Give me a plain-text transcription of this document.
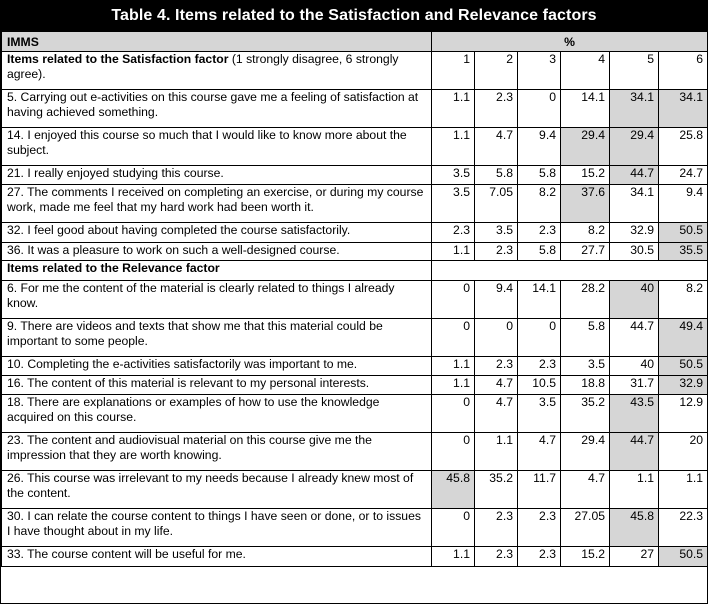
Table 4. Items related to the Satisfaction and Relevance factors
IMMS	%					
Items related to the Satisfaction factor (1 strongly disagree, 6 strongly agree).	1	2	3	4	5	6
5. Carrying out e-activities on this course gave me a feeling of satisfaction at having achieved something.	1.1	2.3	0	14.1	34.1	34.1
14. I enjoyed this course so much that I would like to know more about the subject.	1.1	4.7	9.4	29.4	29.4	25.8
21. I really enjoyed studying this course.	3.5	5.8	5.8	15.2	44.7	24.7
27. The comments I received on completing an exercise, or during my course work, made me feel that my hard work had been worth it.	3.5	7.05	8.2	37.6	34.1	9.4
32. I feel good about having completed the course satisfactorily.	2.3	3.5	2.3	8.2	32.9	50.5
36. It was a pleasure to work on such a well-designed course.	1.1	2.3	5.8	27.7	30.5	35.5
Items related to the Relevance factor						
6. For me the content of the material is clearly related to things I already know.	0	9.4	14.1	28.2	40	8.2
9. There are videos and texts that show me that this material could be important to some people.	0	0	0	5.8	44.7	49.4
10. Completing the e-activities satisfactorily was important to me.	1.1	2.3	2.3	3.5	40	50.5
16. The content of this material is relevant to my personal interests.	1.1	4.7	10.5	18.8	31.7	32.9
18. There are explanations or examples of how to use the knowledge acquired on this course.	0	4.7	3.5	35.2	43.5	12.9
23. The content and audiovisual material on this course give me the impression that they are worth knowing.	0	1.1	4.7	29.4	44.7	20
26. This course was irrelevant to my needs because I already knew most of the content.	45.8	35.2	11.7	4.7	1.1	1.1
30. I can relate the course content to things I have seen or done, or to issues I have thought about in my life.	0	2.3	2.3	27.05	45.8	22.3
33. The course content will be useful for me.	1.1	2.3	2.3	15.2	27	50.5
